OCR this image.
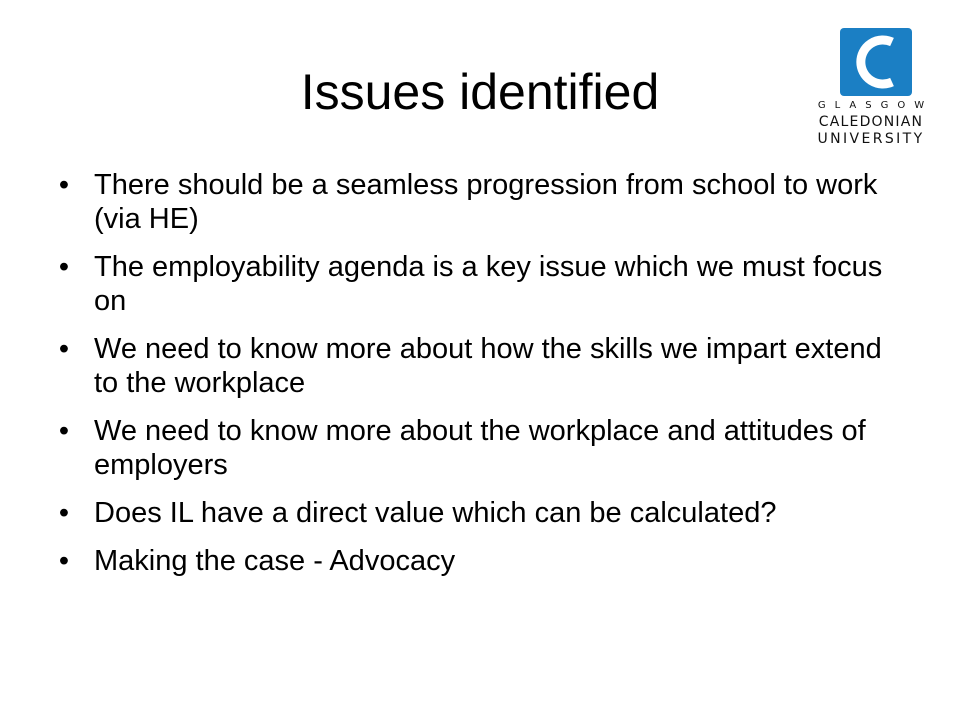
Issues identified	GLASGOW
CALEDONIAN
UNIVERSITY
• There should be a seamless progression from school to work (via HE)
• The employability agenda is a key issue which we must focus on
• We need to know more about how the skills we impart extend to the workplace
• We need to know more about the workplace and attitudes of employers
• Does IL have a direct value which can be calculated?
• Making the case - Advocacy
